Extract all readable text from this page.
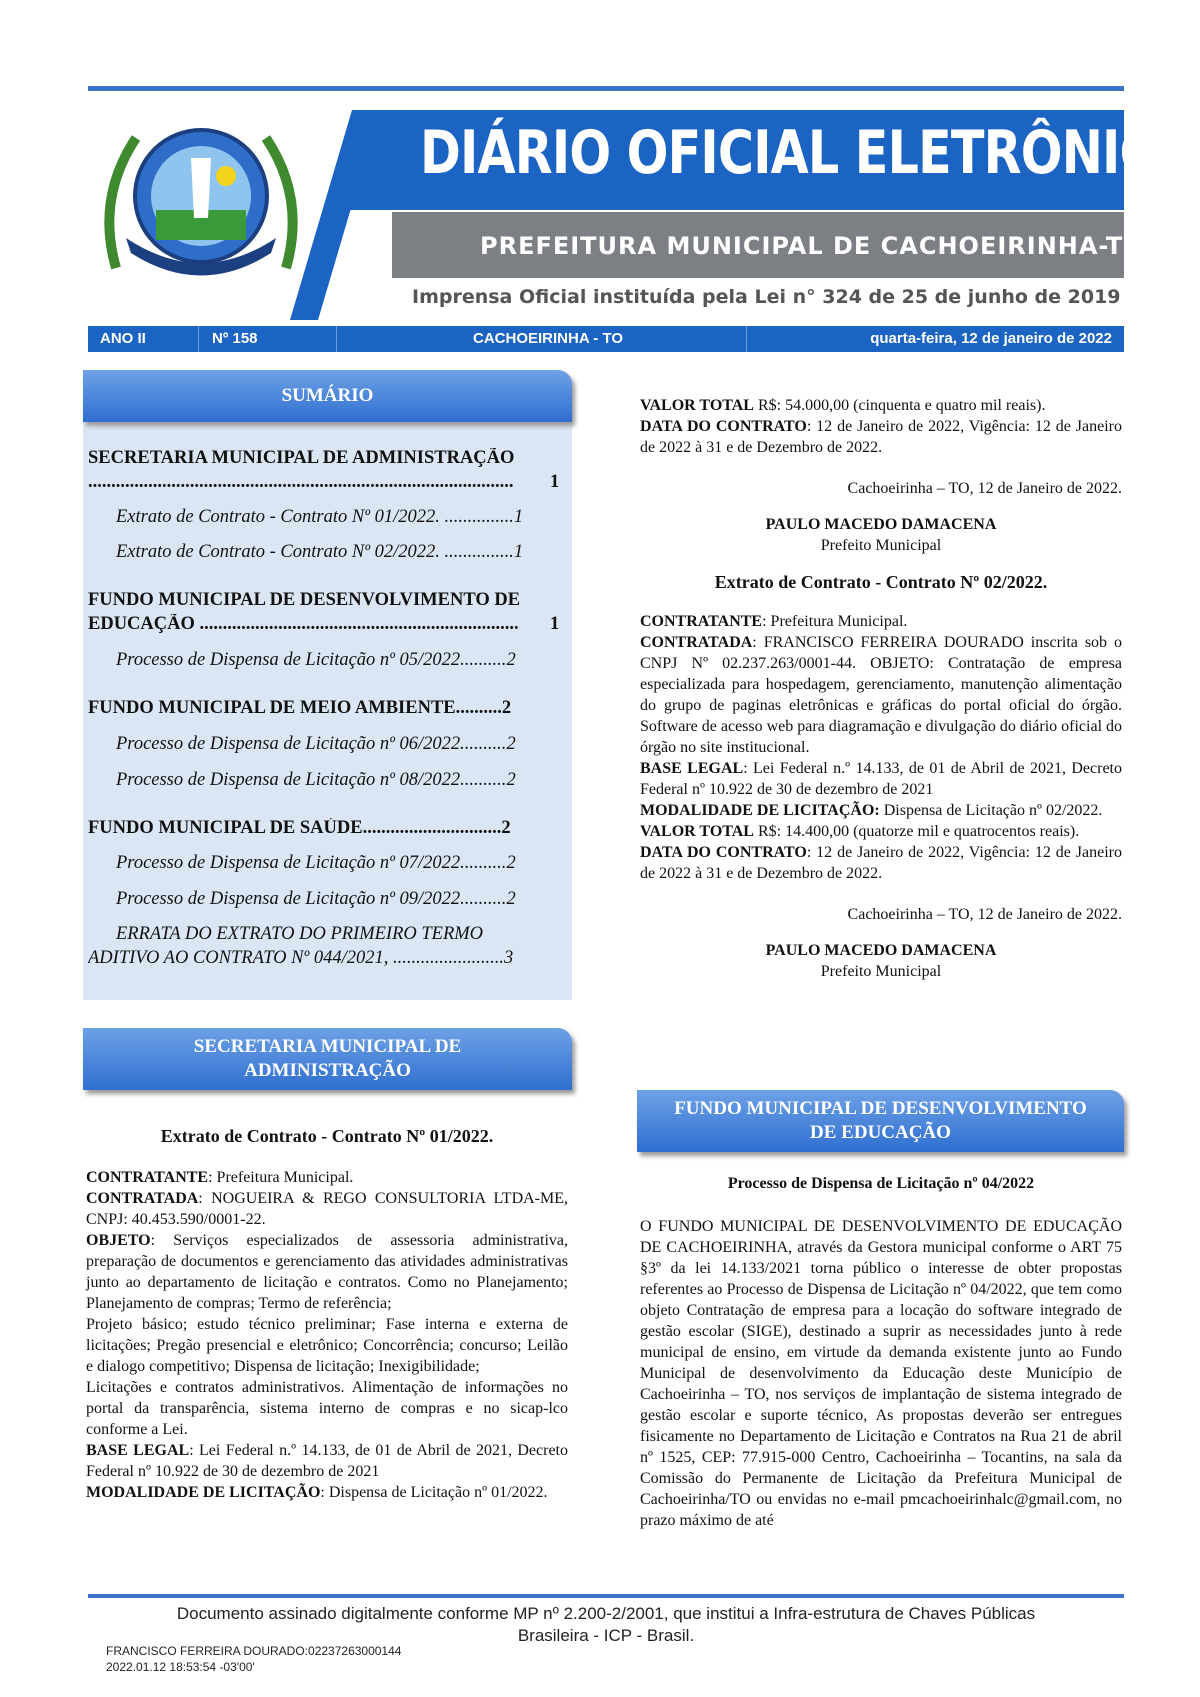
DIÁRIO OFICIAL ELETRÔNICO
PREFEITURA MUNICIPAL DE CACHOEIRINHA-TO
Imprensa Oficial instituída pela Lei n° 324 de 25 de junho de 2019
ANO II	Nº 158	CACHOEIRINHA - TO	quarta-feira, 12 de janeiro de 2022
SUMÁRIO
SECRETARIA MUNICIPAL DE ADMINISTRAÇÃO
............................................................................................ 1
Extrato de Contrato - Contrato Nº 01/2022. ...............1
Extrato de Contrato - Contrato Nº 02/2022. ...............1
FUNDO MUNICIPAL DE DESENVOLVIMENTO DE
EDUCAÇÃO ..................................................................... 1
Processo de Dispensa de Licitação nº 05/2022..........2
FUNDO MUNICIPAL DE MEIO AMBIENTE..........2
Processo de Dispensa de Licitação nº 06/2022..........2
Processo de Dispensa de Licitação nº 08/2022..........2
FUNDO MUNICIPAL DE SAÚDE..............................2
Processo de Dispensa de Licitação nº 07/2022..........2
Processo de Dispensa de Licitação nº 09/2022..........2
ERRATA DO EXTRATO DO PRIMEIRO TERMO
ADITIVO AO CONTRATO Nº 044/2021, ........................3
SECRETARIA MUNICIPAL DE
ADMINISTRAÇÃO

Extrato de Contrato - Contrato Nº 01/2022.

CONTRATANTE: Prefeitura Municipal.

CONTRATADA: NOGUEIRA & REGO CONSULTORIA LTDA-ME, CNPJ: 40.453.590/0001-22.

OBJETO: Serviços especializados de assessoria administrativa, preparação de documentos e gerenciamento das atividades administrativas junto ao departamento de licitação e contratos. Como no Planejamento; Planejamento de compras; Termo de referência;

Projeto básico; estudo técnico preliminar; Fase interna e externa de licitações; Pregão presencial e eletrônico; Concorrência; concurso; Leilão e dialogo competitivo; Dispensa de licitação; Inexigibilidade;

Licitações e contratos administrativos. Alimentação de informações no portal da transparência, sistema interno de compras e no sicap-lco conforme a Lei.

BASE LEGAL: Lei Federal n.º 14.133, de 01 de Abril de 2021, Decreto Federal nº 10.922 de 30 de dezembro de 2021

MODALIDADE DE LICITAÇÃO: Dispensa de Licitação nº 01/2022.

VALOR TOTAL R$: 54.000,00 (cinquenta e quatro mil reais).

DATA DO CONTRATO: 12 de Janeiro de 2022, Vigência: 12 de Janeiro de 2022 à 31 e de Dezembro de 2022.

Cachoeirinha – TO, 12 de Janeiro de 2022.

PAULO MACEDO DAMACENA

Prefeito Municipal

Extrato de Contrato - Contrato Nº 02/2022.

CONTRATANTE: Prefeitura Municipal.

CONTRATADA: FRANCISCO FERREIRA DOURADO inscrita sob o CNPJ Nº 02.237.263/0001-44. OBJETO: Contratação de empresa especializada para hospedagem, gerenciamento, manutenção alimentação do grupo de paginas eletrônicas e gráficas do portal oficial do órgão. Software de acesso web para diagramação e divulgação do diário oficial do órgão no site institucional.

BASE LEGAL: Lei Federal n.º 14.133, de 01 de Abril de 2021, Decreto Federal nº 10.922 de 30 de dezembro de 2021

MODALIDADE DE LICITAÇÃO: Dispensa de Licitação nº 02/2022.

VALOR TOTAL R$: 14.400,00 (quatorze mil e quatrocentos reais).

DATA DO CONTRATO: 12 de Janeiro de 2022, Vigência: 12 de Janeiro de 2022 à 31 e de Dezembro de 2022.

Cachoeirinha – TO, 12 de Janeiro de 2022.

PAULO MACEDO DAMACENA

Prefeito Municipal

FUNDO MUNICIPAL DE DESENVOLVIMENTO
DE EDUCAÇÃO

Processo de Dispensa de Licitação nº 04/2022

O FUNDO MUNICIPAL DE DESENVOLVIMENTO DE EDUCAÇÃO DE CACHOEIRINHA, através da Gestora municipal conforme o ART 75 §3º da lei 14.133/2021 torna público o interesse de obter propostas referentes ao Processo de Dispensa de Licitação nº 04/2022, que tem como objeto Contratação de empresa para a locação do software integrado de gestão escolar (SIGE), destinado a suprir as necessidades junto à rede municipal de ensino, em virtude da demanda existente junto ao Fundo Municipal de desenvolvimento da Educação deste Município de Cachoeirinha – TO, nos serviços de implantação de sistema integrado de gestão escolar e suporte técnico, As propostas deverão ser entregues fisicamente no Departamento de Licitação e Contratos na Rua 21 de abril nº 1525, CEP: 77.915-000 Centro, Cachoeirinha – Tocantins, na sala da Comissão do Permanente de Licitação da Prefeitura Municipal de Cachoeirinha/TO ou envidas no e-mail pmcachoeirinhalc@gmail.com, no prazo máximo de até

Documento assinado digitalmente conforme MP nº 2.200-2/2001, que institui a Infra-estrutura de Chaves Públicas
Brasileira - ICP - Brasil.
FRANCISCO FERREIRA DOURADO:02237263000144
2022.01.12 18:53:54 -03'00'
